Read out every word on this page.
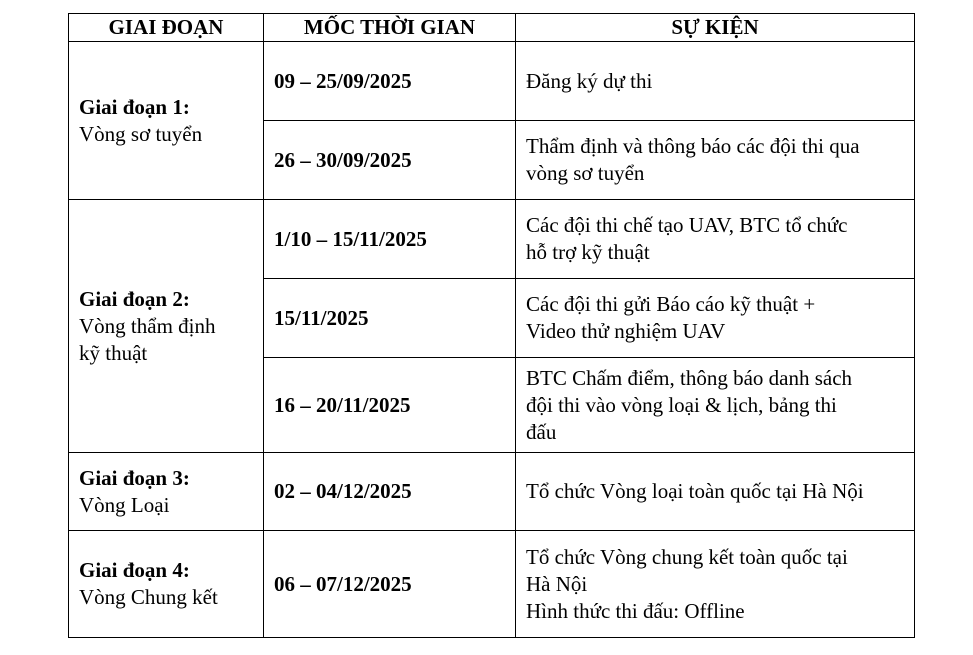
GIAI ĐOẠN	MỐC THỜI GIAN	SỰ KIỆN

Giai đoạn 1:
Vòng sơ tuyển	09 – 25/09/2025	Đăng ký dự thi

	26 – 30/09/2025	Thẩm định và thông báo các đội thi qua
vòng sơ tuyển

Giai đoạn 2:
Vòng thẩm định
kỹ thuật	1/10 – 15/11/2025	Các đội thi chế tạo UAV, BTC tổ chức
hỗ trợ kỹ thuật

	15/11/2025	Các đội thi gửi Báo cáo kỹ thuật +
Video thử nghiệm UAV

	16 – 20/11/2025	BTC Chấm điểm, thông báo danh sách
đội thi vào vòng loại & lịch, bảng thi
đấu

Giai đoạn 3:
Vòng Loại	02 – 04/12/2025	Tổ chức Vòng loại toàn quốc tại Hà Nội

Giai đoạn 4:
Vòng Chung kết	06 – 07/12/2025	Tổ chức Vòng chung kết toàn quốc tại
Hà Nội
Hình thức thi đấu: Offline
